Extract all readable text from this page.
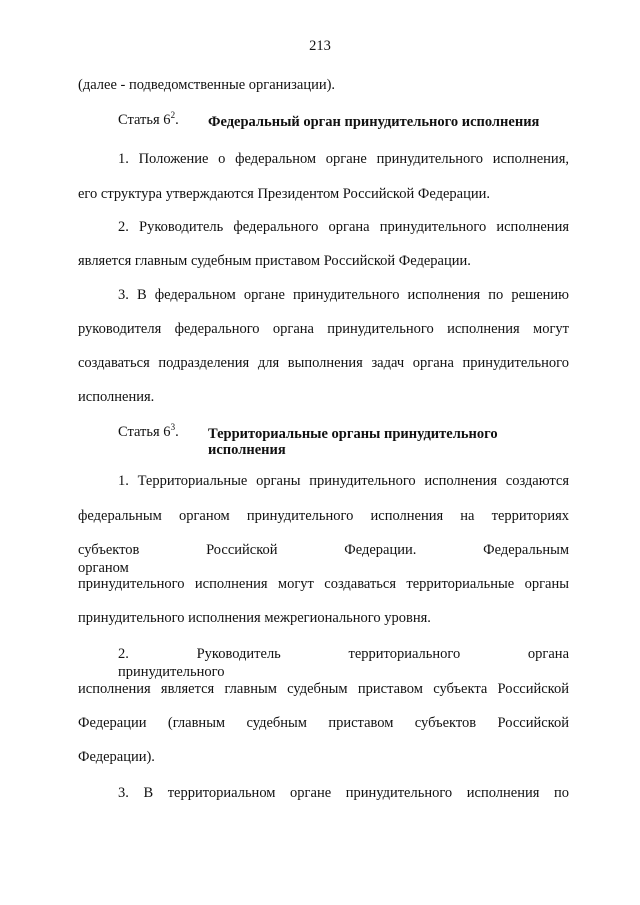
213
(далее - подведомственные организации).
Статья $6^2$. Федеральный орган принудительного исполнения
1. Положение о федеральном органе принудительного исполнения,
его структура утверждаются Президентом Российской Федерации.
2. Руководитель федерального органа принудительного исполнения
является главным судебным приставом Российской Федерации.
3. В федеральном органе принудительного исполнения по решению
руководителя федерального органа принудительного исполнения могут
создаваться подразделения для выполнения задач органа принудительного
исполнения.
Статья $6^3$. Территориальные органы принудительного исполнения
1. Территориальные органы принудительного исполнения создаются
федеральным органом принудительного исполнения на территориях
субъектов Российской Федерации. Федеральным органом
принудительного исполнения могут создаваться территориальные органы
принудительного исполнения межрегионального уровня.
2. Руководитель территориального органа принудительного
исполнения является главным судебным приставом субъекта Российской
Федерации (главным судебным приставом субъектов Российской
Федерации).
3. В территориальном органе принудительного исполнения по
